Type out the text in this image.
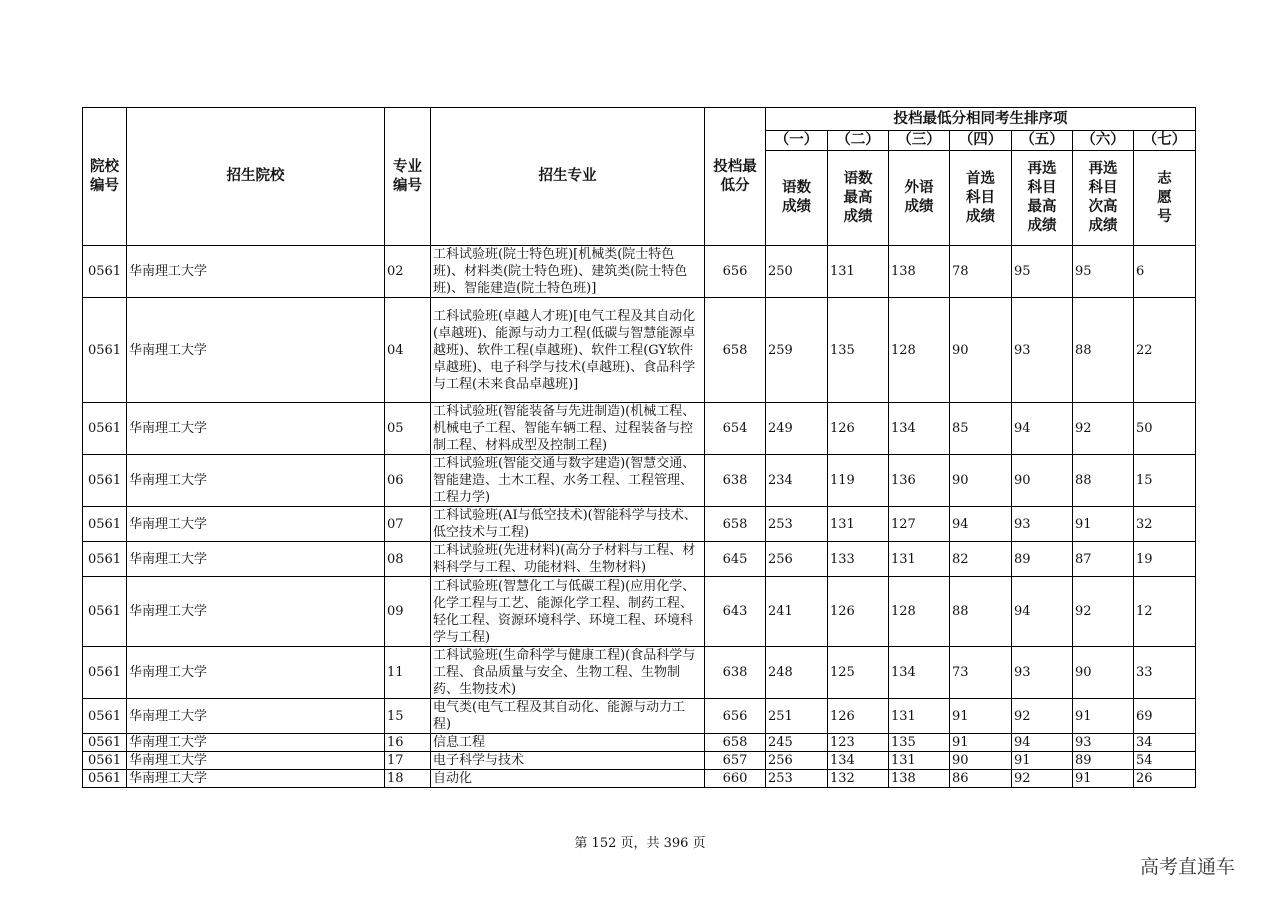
院校编号	招生院校	专业编号	招生专业	投档最低分	投档最低分相同考生排序项						
					（一）	（二）	（三）	（四）	（五）	（六）	（七）
					语数成绩	语数最高成绩	外语成绩	首选科目成绩	再选科目最高成绩	再选科目次高成绩	志愿号
0561	华南理工大学	02	工科试验班(院士特色班)[机械类(院士特色班)、材料类(院士特色班)、建筑类(院士特色班)、智能建造(院士特色班)]	656	250	131	138	78	95	95	6
0561	华南理工大学	04	工科试验班(卓越人才班)[电气工程及其自动化(卓越班)、能源与动力工程(低碳与智慧能源卓越班)、软件工程(卓越班)、软件工程(GY软件卓越班)、电子科学与技术(卓越班)、食品科学与工程(未来食品卓越班)]	658	259	135	128	90	93	88	22
0561	华南理工大学	05	工科试验班(智能装备与先进制造)(机械工程、机械电子工程、智能车辆工程、过程装备与控制工程、材料成型及控制工程)	654	249	126	134	85	94	92	50
0561	华南理工大学	06	工科试验班(智能交通与数字建造)(智慧交通、智能建造、土木工程、水务工程、工程管理、工程力学)	638	234	119	136	90	90	88	15
0561	华南理工大学	07	工科试验班(AI与低空技术)(智能科学与技术、低空技术与工程)	658	253	131	127	94	93	91	32
0561	华南理工大学	08	工科试验班(先进材料)(高分子材料与工程、材料科学与工程、功能材料、生物材料)	645	256	133	131	82	89	87	19
0561	华南理工大学	09	工科试验班(智慧化工与低碳工程)(应用化学、化学工程与工艺、能源化学工程、制药工程、轻化工程、资源环境科学、环境工程、环境科学与工程)	643	241	126	128	88	94	92	12
0561	华南理工大学	11	工科试验班(生命科学与健康工程)(食品科学与工程、食品质量与安全、生物工程、生物制药、生物技术)	638	248	125	134	73	93	90	33
0561	华南理工大学	15	电气类(电气工程及其自动化、能源与动力工程)	656	251	126	131	91	92	91	69
0561	华南理工大学	16	信息工程	658	245	123	135	91	94	93	34
0561	华南理工大学	17	电子科学与技术	657	256	134	131	90	91	89	54
0561	华南理工大学	18	自动化	660	253	132	138	86	92	91	26
第 152 页，共 396 页
高考直通车
